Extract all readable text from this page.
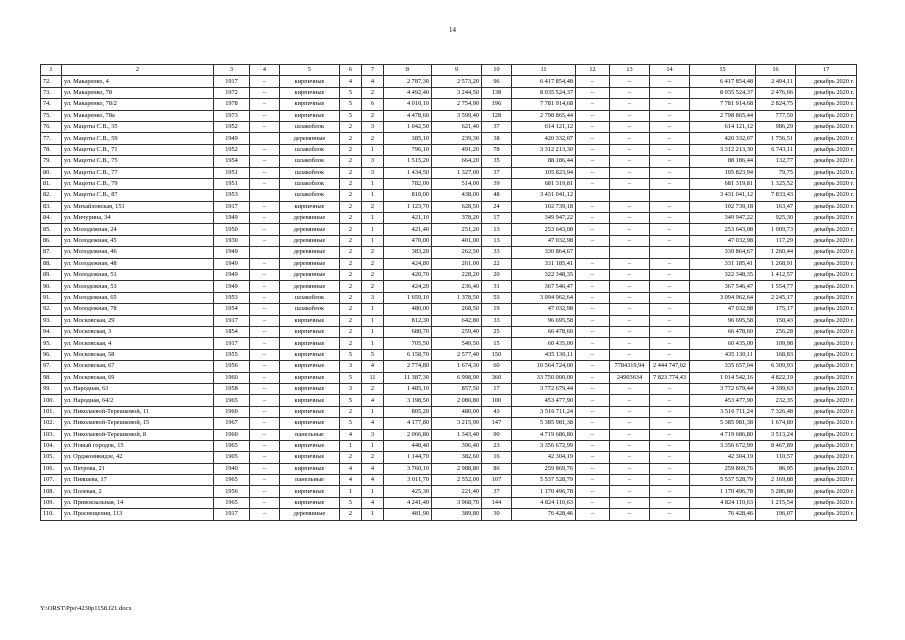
14
1	2	3	4	5	6	7	8	9	10	11	12	13	14	15	16	17
72.	ул. Макаренко, 4	1917	–	кирпичные	4	4	2 787,30	2 573,20	96	6 417 854,48	–	–	–	6 417 854,48	2 494,11	декабрь 2020 г.
73.	ул. Макаренко, 78	1972	–	кирпичные	5	2	4 492,40	3 244,50	138	8 035 524,37	–	–	–	8 035 524,37	2 476,66	декабрь 2020 г.
74.	ул. Макаренко, 78/2	1978	–	кирпичные	5	6	4 010,10	2 754,90	196	7 781 914,68	–	–	–	7 781 914,68	2 824,75	декабрь 2020 г.
75.	ул. Макаренко, 78а	1973	–	кирпичные	5	2	4 478,60	3 599,40	128	2 798 865,44	–	–	–	2 798 865,44	777,59	декабрь 2020 г.
76.	ул. Мацоты С.В., 35	1952	–	шлакоблок	2	3	1 042,50	621,40	37	614 121,12	–	–	–	614 121,12	986,29	декабрь 2020 г.
77.	ул. Мацоты С.В., 59	1949		деревянные	2	2	385,10	239,30	38	420 332,07	–	–	–	420 332,07	1 756,51	декабрь 2020 г.
78.	ул. Мацоты С.В., 71	1952	–	шлакоблок	2	1	796,10	491,20	78	3 312 213,30	–	–	–	3 312 213,30	6 743,11	декабрь 2020 г.
79.	ул. Мацоты С.В., 75	1954	–	шлакоблок	2	3	1 515,20	664,20	35	88 186,44	–	–	–	88 186,44	132,77	декабрь 2020 г.
80.	ул. Мацоты С.В., 77	1951	–	шлакоблок	2	3	1 434,50	1 327,00	37	105 823,94	–	–	–	105 823,94	79,75	декабрь 2020 г.
81.	ул. Мацоты С.В., 79	1951	–	шлакоблок	2	1	782,00	514,00	39	681 319,81	–	–	–	681 319,81	1 325,52	декабрь 2020 г.
82.	ул. Мацоты С.В., 87	1953		шлакоблок	2	1	810,00	438,00	48	3 431 041,12				3 431 041,12	7 833,43	декабрь 2020 г.
83.	ул. Михайловская, 151	1917	–	кирпичные	2	2	1 123,70	628,50	24	102 739,18	–	–	–	102 739,18	163,47	декабрь 2020 г.
84.	ул. Мичурина, 34	1949	–	деревянные	2	1	421,10	378,20	17	349 947,22	–	–	–	349 947,22	925,30	декабрь 2020 г.
85.	ул. Молодежная, 24	1950	–	деревянные	2	1	421,40	251,20	13	253 643,08	–	–	–	253 643,08	1 009,73	декабрь 2020 г.
86.	ул. Молодежная, 45	1930	–	деревянные	2	1	470,00	401,00	13	47 032,98	–	–	–	47 032,98	117,29	декабрь 2020 г.
87.	ул. Молодежная, 46	1949		деревянные	2	2	383,20	262,50	33	330 864,67				330 864,67	1 260,44	декабрь 2020 г.
88.	ул. Молодежная, 48	1949	–	деревянные	2	2	424,80	261,00	22	331 185,41	–	–	–	331 185,41	1 268,91	декабрь 2020 г.
89.	ул. Молодежная, 51	1949	–	деревянные	2	2	420,70	228,20	20	322 348,35	–	–	–	322 348,35	1 412,57	декабрь 2020 г.
90.	ул. Молодежная, 53	1949	–	деревянные	2	2	424,20	236,40	31	367 546,47	–	–	–	367 546,47	1 554,77	декабрь 2020 г.
91.	ул. Молодежная, 65	1953	–	шлакоблок	2	3	1 659,10	1 378,50	53	3 094 962,64	–	–	–	3 094 962,64	2 245,17	декабрь 2020 г.
92.	ул. Молодежная, 78	1954	–	шлакоблок	2	1	480,00	268,50	19	47 032,98	–	–	–	47 032,98	175,17	декабрь 2020 г.
93.	ул. Московская, 29	1917	–	кирпичные	2	1	812,30	642,80	33	96 695,58	–	–	–	96 695,58	150,43	декабрь 2020 г.
94.	ул. Московская, 3	1854	–	кирпичные	2	1	688,70	259,40	25	66 478,60	–	–	–	66 478,60	256,28	декабрь 2020 г.
95.	ул. Московская, 4	1917	–	кирпичные	2	1	705,50	549,50	15	60 435,00	–	–	–	60 435,00	109,98	декабрь 2020 г.
96.	ул. Московская, 58	1955	–	кирпичные	5	5	6 158,70	2 577,40	150	435 130,11	–	–	–	435 130,11	168,83	декабрь 2020 г.
97.	ул. Московская, 67	1956	–	кирпичные	3	4	2 774,80	1 674,30	60	10 564 724,00	–	7784319,94	2 444 747,02	335 657,04	6 309,93	декабрь 2020 г.
98.	ул. Московская, 69	1960	–	кирпичные	5	11	11 387,30	6 998,90	360	33 750 000,00	–	24903634	7 823 774,43	1 014 542,16	4 822,19	декабрь 2020 г.
99.	ул. Народная, 63	1958	–	кирпичные	3	2	1 485,10	857,50	17	3 772 679,44	–	–	–	3 772 679,44	4 399,63	декабрь 2020 г.
100.	ул. Народная, 64/2	1965	–	кирпичные	5	4	3 198,50	2 080,80	100	453 477,90	–	–	–	453 477,90	232,35	декабрь 2020 г.
101.	ул. Николаевой-Терешковой, 11	1960	–	кирпичные	2	1	805,20	480,00	43	3 516 711,24	–	–	–	3 516 711,24	7 326,48	декабрь 2020 г.
102.	ул. Николаевой-Терешковой, 15	1967	–	кирпичные	5	4	4 177,80	3 215,90	147	5 385 981,38	–	–	–	5 385 981,38	1 674,80	декабрь 2020 г.
103.	ул. Николаевой-Терешковой, 8	1960	–	панельные	4	3	2 066,80	1 343,40	90	4 719 686,80	–	–	–	4 719 686,80	3 513,24	декабрь 2020 г.
104.	ул. Новый городок, 15	1965	–	кирпичные	1	1	448,40	396,40	23	3 356 672,99	–	–	–	3 356 672,99	8 467,89	декабрь 2020 г.
105.	ул. Орджоникидзе, 42	1905	–	кирпичные	2	2	1 144,70	382,60	16	42 304,19	–	–	–	42 304,19	110,57	декабрь 2020 г.
106.	ул. Петрова, 21	1940	–	кирпичные	4	4	3 760,10	2 988,80	86	259 869,76	–	–	–	259 869,76	86,95	декабрь 2020 г.
107.	ул. Пияшева, 17	1965	–	панельные	4	4	3 011,70	2 552,00	107	5 537 528,79	–	–	–	5 537 528,79	2 169,88	декабрь 2020 г.
108.	ул. Полевая, 2	1956	–	кирпичные	1	1	425,30	221,40	37	1 170 496,78	–	–	–	1 170 496,78	5 286,80	декабрь 2020 г.
109.	ул. Привокзальная, 14	1965	–	кирпичные	5	4	4 241,40	3 968,70	144	4 824 110,63	–	–	–	4 824 110,63	1 215,54	декабрь 2020 г.
110.	ул. Просвещения, 113	1917	–	деревянные	2	1	481,90	389,80	30	76 428,46	–	–	–	76 428,46	196,07	декабрь 2020 г.
Y:\ORST\Ppo\4230p1158.f21.docx
